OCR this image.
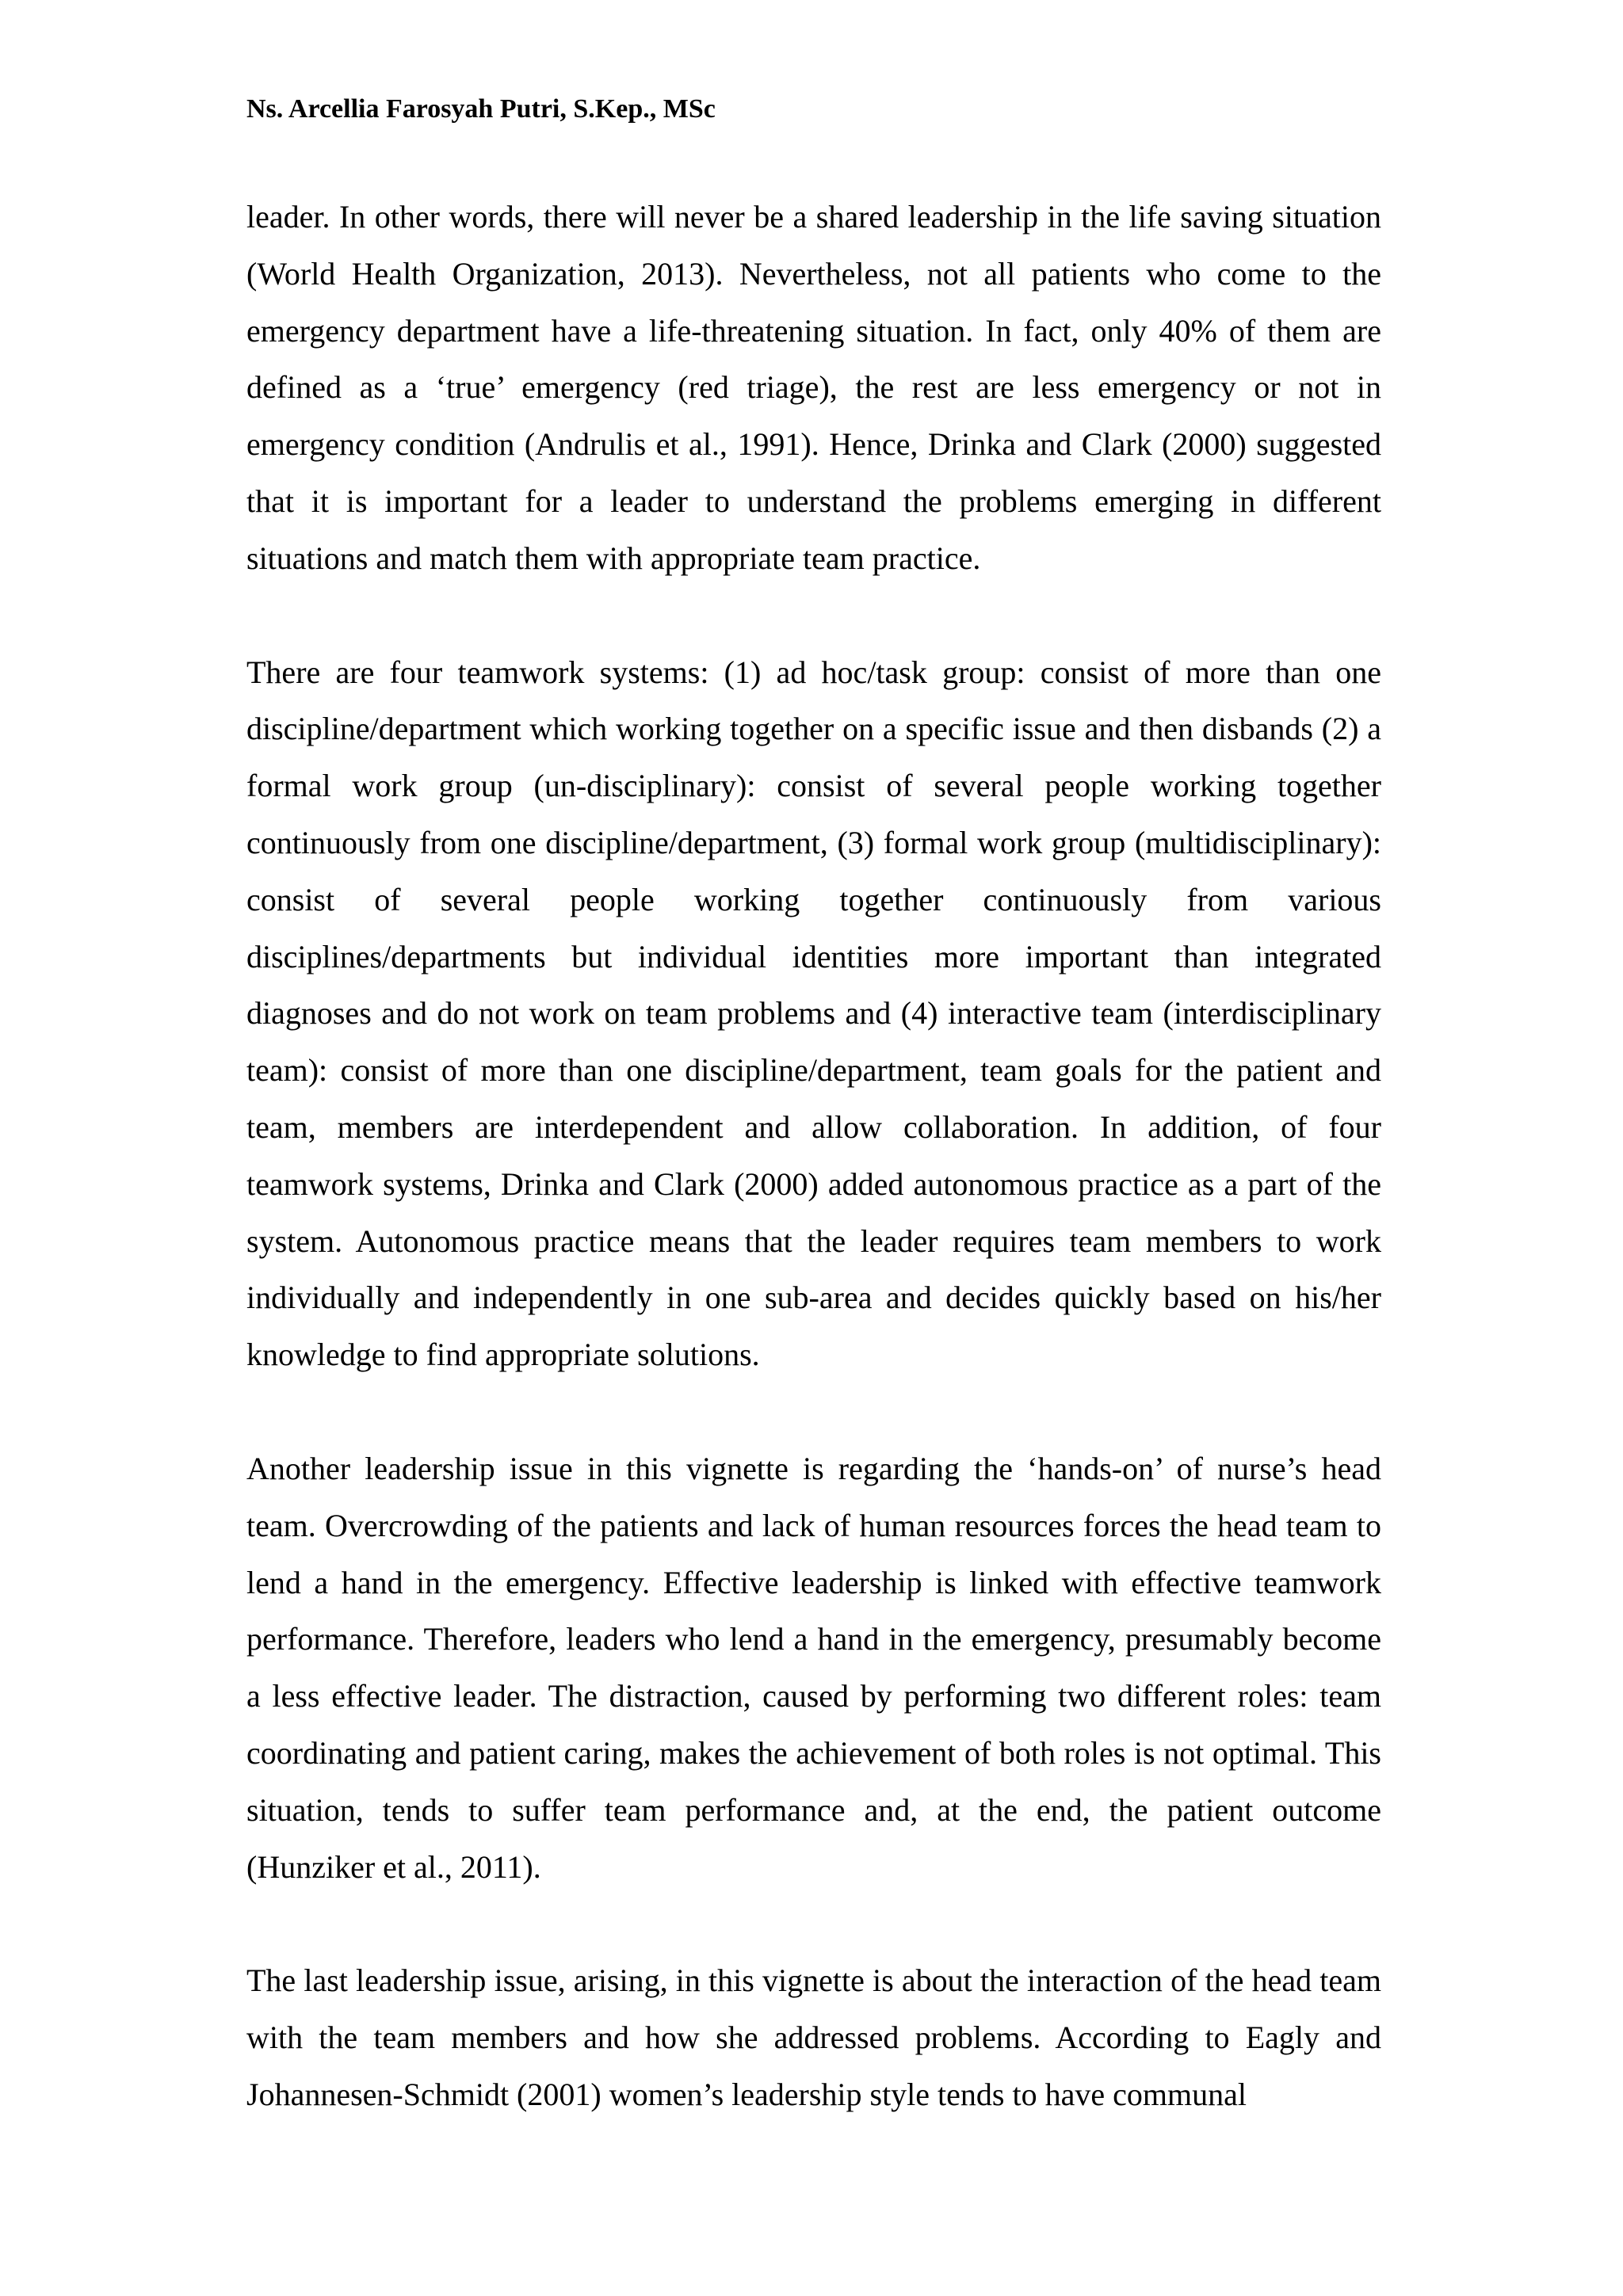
Ns. Arcellia Farosyah Putri, S.Kep., MSc

leader. In other words, there will never be a shared leadership in the life saving situation (World Health Organization, 2013). Nevertheless, not all patients who come to the emergency department have a life-threatening situation. In fact, only 40% of them are defined as a ‘true’ emergency (red triage), the rest are less emergency or not in emergency condition (Andrulis et al., 1991). Hence, Drinka and Clark (2000) suggested that it is important for a leader to understand the problems emerging in different situations and match them with appropriate team practice.

There are four teamwork systems: (1) ad hoc/task group: consist of more than one discipline/department which working together on a specific issue and then disbands (2) a formal work group (un-disciplinary): consist of several people working together continuously from one discipline/department, (3) formal work group (multidisciplinary): consist of several people working together continuously from various disciplines/departments but individual identities more important than integrated diagnoses and do not work on team problems and (4) interactive team (interdisciplinary team): consist of more than one discipline/department, team goals for the patient and team, members are interdependent and allow collaboration. In addition, of four teamwork systems, Drinka and Clark (2000) added autonomous practice as a part of the system. Autonomous practice means that the leader requires team members to work individually and independently in one sub-area and decides quickly based on his/her knowledge to find appropriate solutions.

Another leadership issue in this vignette is regarding the ‘hands-on’ of nurse’s head team. Overcrowding of the patients and lack of human resources forces the head team to lend a hand in the emergency. Effective leadership is linked with effective teamwork performance. Therefore, leaders who lend a hand in the emergency, presumably become a less effective leader. The distraction, caused by performing two different roles: team coordinating and patient caring, makes the achievement of both roles is not optimal. This situation, tends to suffer team performance and, at the end, the patient outcome (Hunziker et al., 2011).

The last leadership issue, arising, in this vignette is about the interaction of the head team with the team members and how she addressed problems. According to Eagly and Johannesen-Schmidt (2001) women’s leadership style tends to have communal
